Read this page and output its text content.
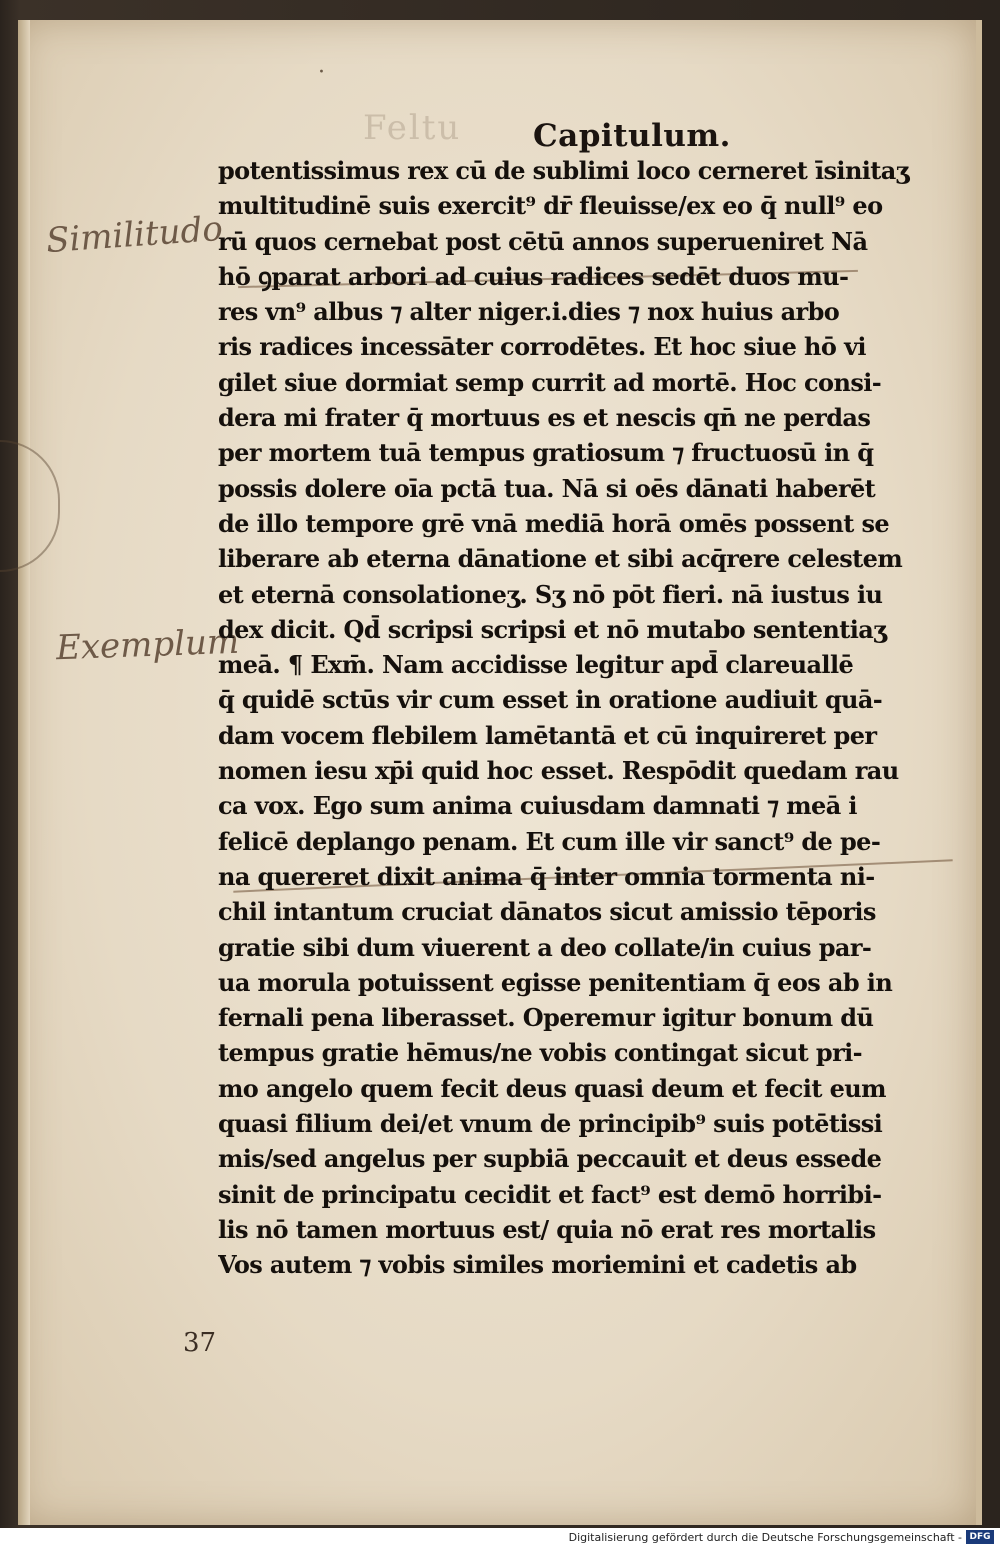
·
Feltu Capitulum.
Similitudo
Exemplum
potentissimus rex cū de sublimi loco cerneret īsinitaʒ
multitudinē suis exercit⁹ dr̄ fleuisse/ex eo q̄ null⁹ eo
rū quos cernebat post cētū annos superueniret Nā
hō ꝯparat arbori ad cuius radices sedēt duos mu-
res vn⁹ albus ⁊ alter niger.i.dies ⁊ nox huius arbo
ris radices incessāter corrodētes. Et hoc siue hō vi
gilet siue dormiat semp currit ad mortē. Hoc consi-
dera mi frater q̄ mortuus es et nescis qn̄ ne perdas
per mortem tuā tempus gratiosum ⁊ fructuosū in q̄
possis dolere oīa pctā tua. Nā si oēs dānati haberēt
de illo tempore grē vnā mediā horā omēs possent se
liberare ab eterna dānatione et sibi acq̄rere celestem
et eternā consolationeʒ. Sʒ nō pōt fieri. nā iustus iu
dex dicit. Qd̄ scripsi scripsi et nō mutabo sententiaʒ
meā. ¶ Exm̄. Nam accidisse legitur apd̄ clareuallē
q̄ quidē sctūs vir cum esset in oratione audiuit quā-
dam vocem flebilem lamētantā et cū inquireret per
nomen iesu xp̄i quid hoc esset. Respōdit quedam rau
ca vox. Ego sum anima cuiusdam damnati ⁊ meā i
felicē deplango penam. Et cum ille vir sanct⁹ de pe-
na quereret dixit anima q̄ inter omnia tormenta ni-
chil intantum cruciat dānatos sicut amissio tēporis
gratie sibi dum viuerent a deo collate/in cuius par-
ua morula potuissent egisse penitentiam q̄ eos ab in
fernali pena liberasset. Operemur igitur bonum dū
tempus gratie hēmus/ne vobis contingat sicut pri-
mo angelo quem fecit deus quasi deum et fecit eum
quasi filium dei/et vnum de principib⁹ suis potētissi
mis/sed angelus per supbiā peccauit et deus essede
sinit de principatu cecidit et fact⁹ est demō horribi-
lis nō tamen mortuus est/ quia nō erat res mortalis
Vos autem ⁊ vobis similes moriemini et cadetis ab
37
Digitalisierung gefördert durch die Deutsche Forschungsgemeinschaft - DFG
